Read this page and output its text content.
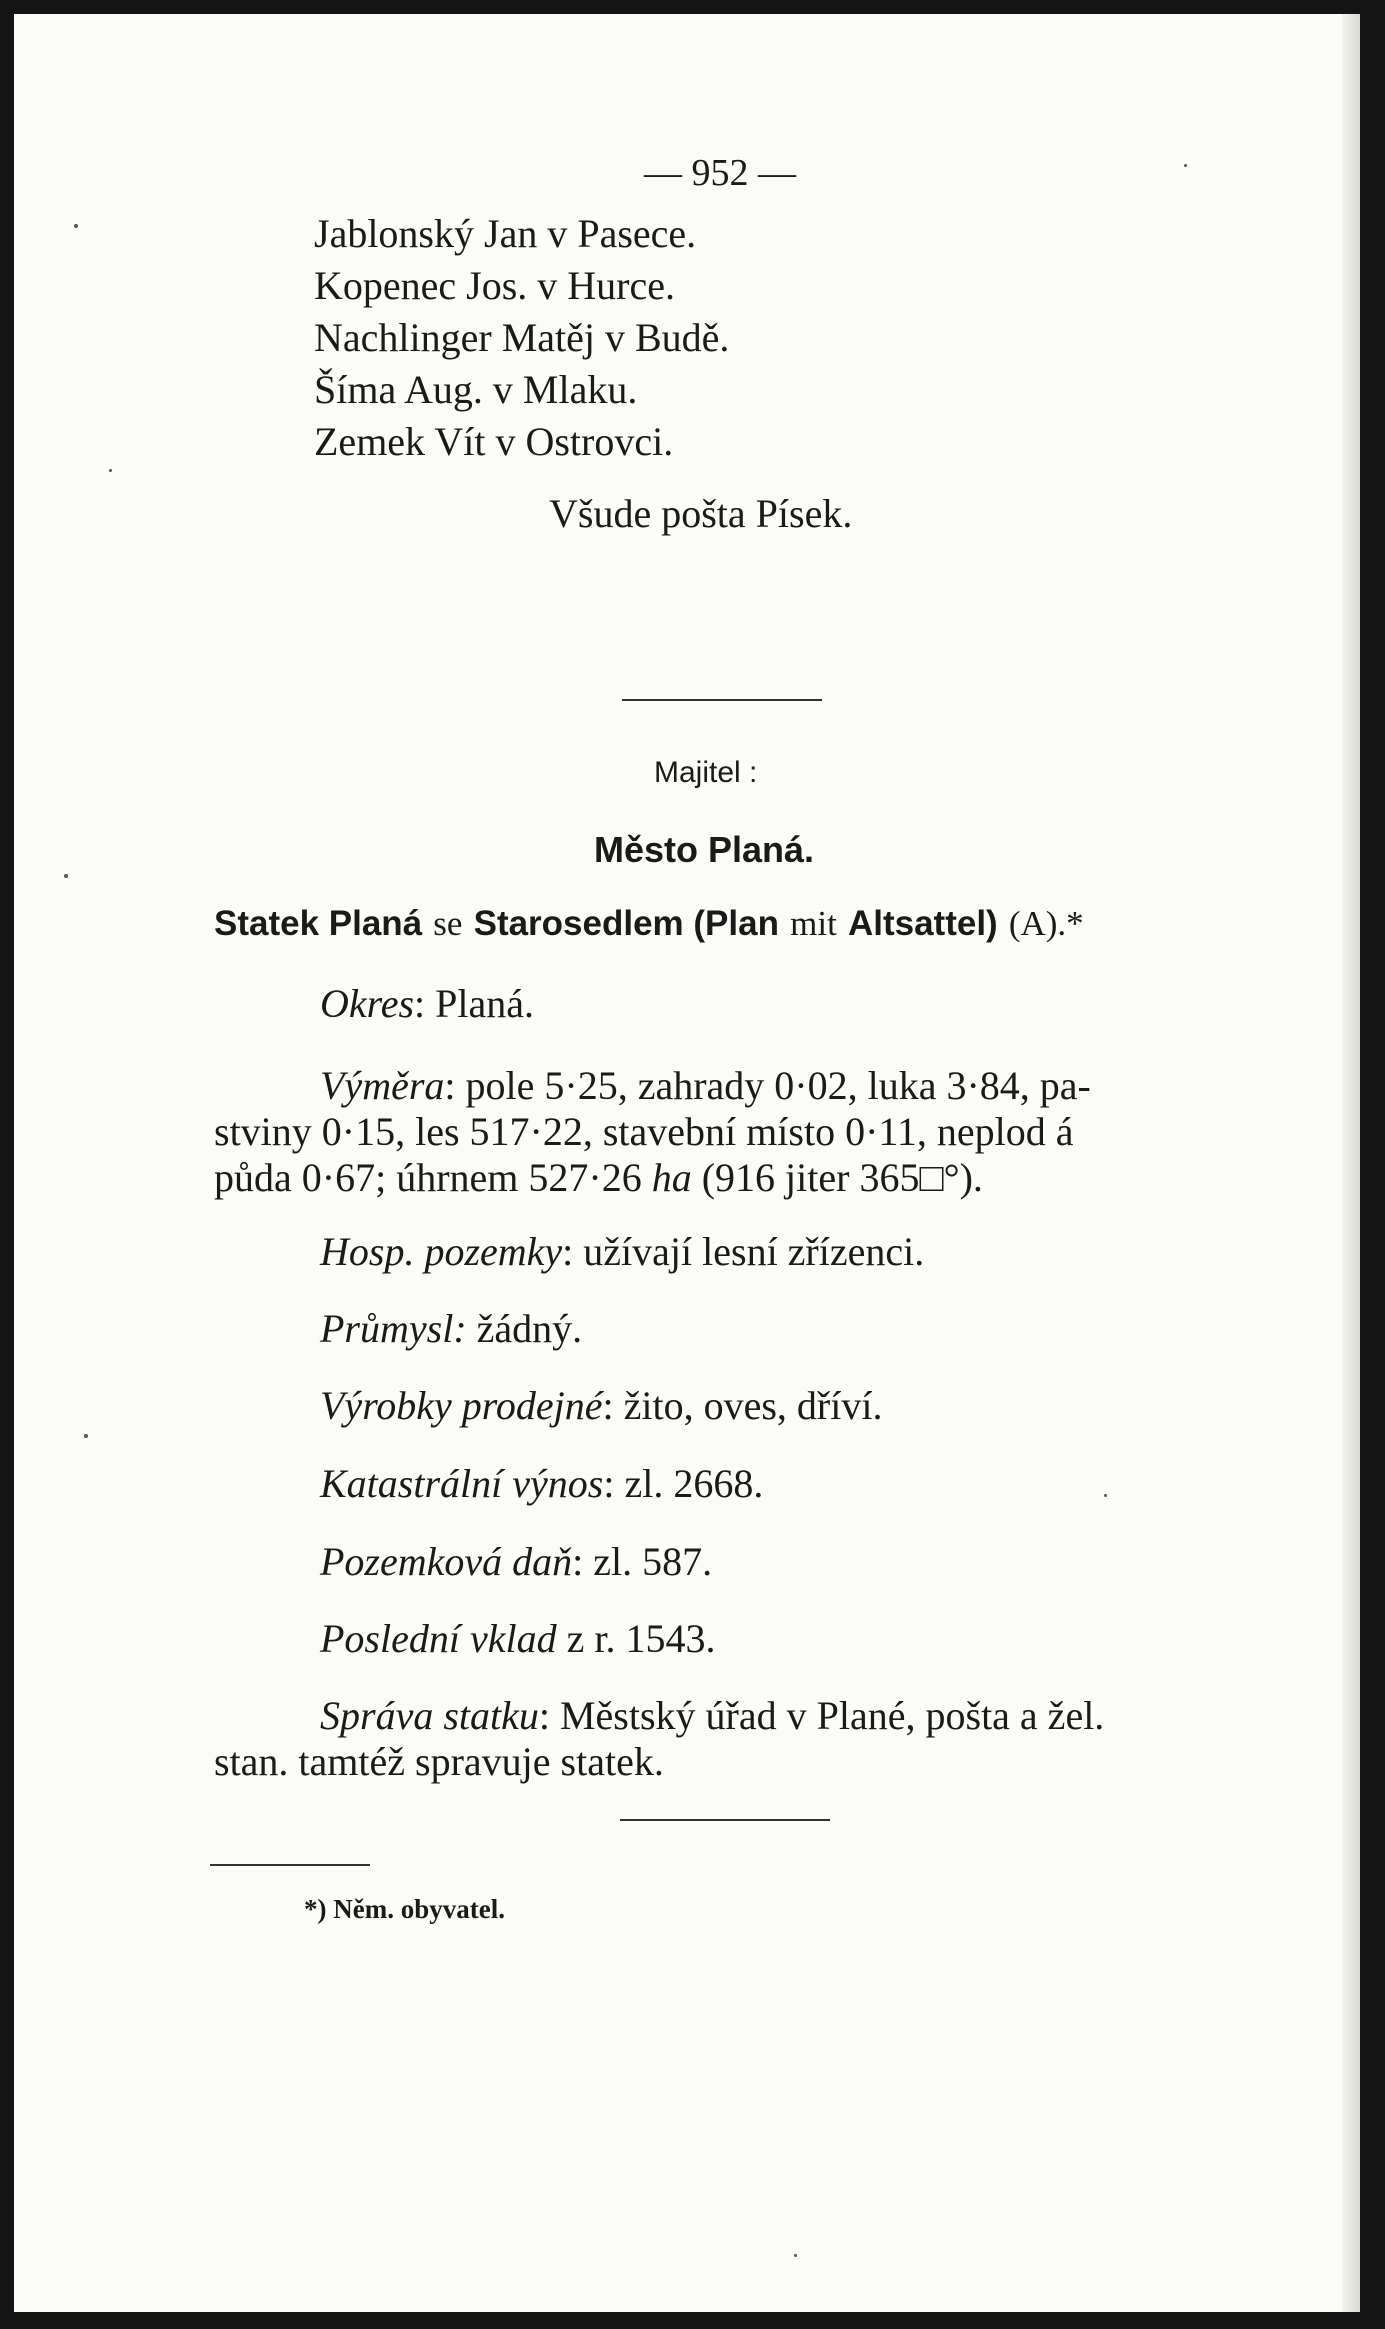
— 952 —
Jablonský Jan v Pasece.
Kopenec Jos. v Hurce.
Nachlinger Matěj v Budě.
Šíma Aug. v Mlaku.
Zemek Vít v Ostrovci.
Všude pošta Písek.
Majitel :
Město Planá.
Statek Planá se Starosedlem (Plan mit Altsattel) (A).*
Okres: Planá.
Výměra: pole 5·25, zahrady 0·02, luka 3·84, pa-
stviny 0·15, les 517·22, stavební místo 0·11, neplod á
půda 0·67; úhrnem 527·26 ha (916 jiter 365□°).
Hosp. pozemky: užívají lesní zřízenci.
Průmysl: žádný.
Výrobky prodejné: žito, oves, dříví.
Katastrální výnos: zl. 2668.
Pozemková daň: zl. 587.
Poslední vklad z r. 1543.
Správa statku: Městský úřad v Plané, pošta a žel.
stan. tamtéž spravuje statek.
*) Něm. obyvatel.
